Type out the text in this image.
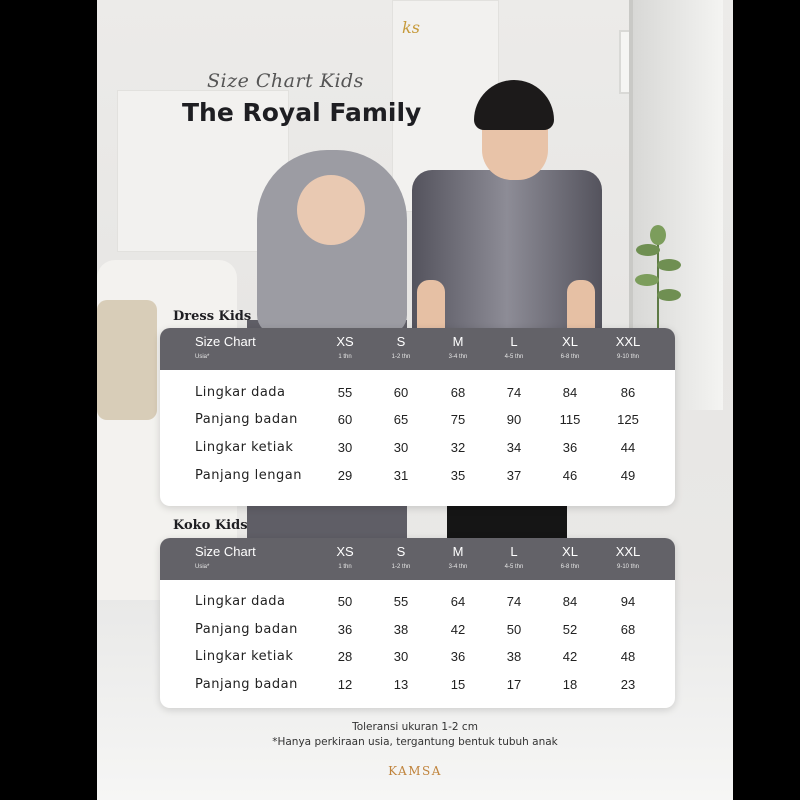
ks
Size Chart Kids
The Royal Family
Dress Kids
Size Chart
Usia*
XS	S	M	L	XL	XXL
1 thn	1-2 thn	3-4 thn	4-5 thn	6-8 thn	9-10 thn
Lingkar dada	55	60	68	74	84	86
Panjang badan	60	65	75	90	115	125
Lingkar ketiak	30	30	32	34	36	44
Panjang lengan	29	31	35	37	46	49
Koko Kids
Size Chart
Usia*
XS	S	M	L	XL	XXL
1 thn	1-2 thn	3-4 thn	4-5 thn	6-8 thn	9-10 thn
Lingkar dada	50	55	64	74	84	94
Panjang badan	36	38	42	50	52	68
Lingkar ketiak	28	30	36	38	42	48
Panjang badan	12	13	15	17	18	23
Toleransi ukuran 1-2 cm
*Hanya perkiraan usia, tergantung bentuk tubuh anak
KAMSA
